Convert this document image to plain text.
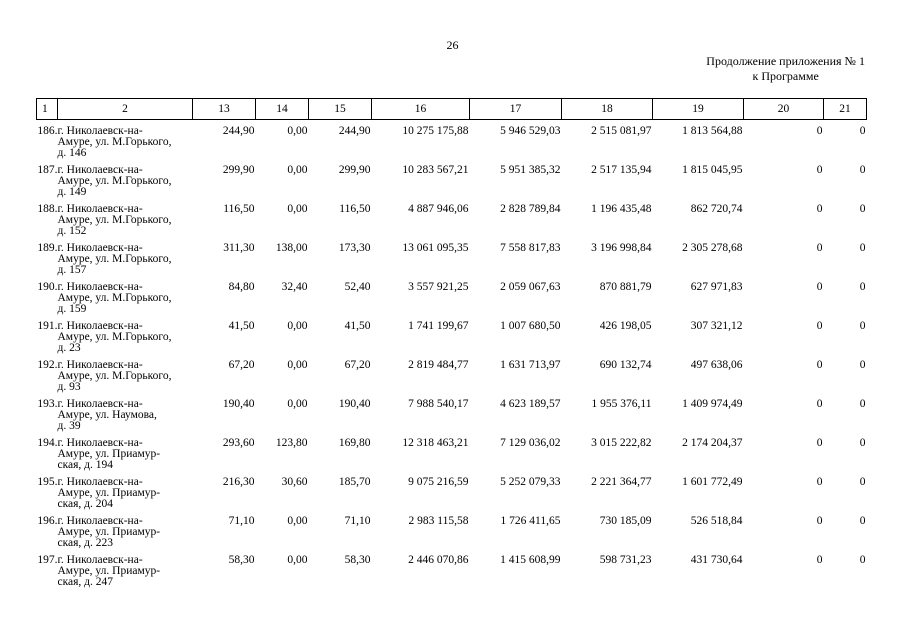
26
Продолжение приложения № 1
к Программе
1	2	13	14	15	16	17	18	19	20	21
186.	г. Николаевск-на-
Амуре, ул. М.Горького,
д. 146	244,90	0,00	244,90	10 275 175,88	5 946 529,03	2 515 081,97	1 813 564,88	0	0
187.	г. Николаевск-на-
Амуре, ул. М.Горького,
д. 149	299,90	0,00	299,90	10 283 567,21	5 951 385,32	2 517 135,94	1 815 045,95	0	0
188.	г. Николаевск-на-
Амуре, ул. М.Горького,
д. 152	116,50	0,00	116,50	4 887 946,06	2 828 789,84	1 196 435,48	862 720,74	0	0
189.	г. Николаевск-на-
Амуре, ул. М.Горького,
д. 157	311,30	138,00	173,30	13 061 095,35	7 558 817,83	3 196 998,84	2 305 278,68	0	0
190.	г. Николаевск-на-
Амуре, ул. М.Горького,
д. 159	84,80	32,40	52,40	3 557 921,25	2 059 067,63	870 881,79	627 971,83	0	0
191.	г. Николаевск-на-
Амуре, ул. М.Горького,
д. 23	41,50	0,00	41,50	1 741 199,67	1 007 680,50	426 198,05	307 321,12	0	0
192.	г. Николаевск-на-
Амуре, ул. М.Горького,
д. 93	67,20	0,00	67,20	2 819 484,77	1 631 713,97	690 132,74	497 638,06	0	0
193.	г. Николаевск-на-
Амуре, ул. Наумова,
д. 39	190,40	0,00	190,40	7 988 540,17	4 623 189,57	1 955 376,11	1 409 974,49	0	0
194.	г. Николаевск-на-
Амуре, ул. Приамур-
ская, д. 194	293,60	123,80	169,80	12 318 463,21	7 129 036,02	3 015 222,82	2 174 204,37	0	0
195.	г. Николаевск-на-
Амуре, ул. Приамур-
ская, д. 204	216,30	30,60	185,70	9 075 216,59	5 252 079,33	2 221 364,77	1 601 772,49	0	0
196.	г. Николаевск-на-
Амуре, ул. Приамур-
ская, д. 223	71,10	0,00	71,10	2 983 115,58	1 726 411,65	730 185,09	526 518,84	0	0
197.	г. Николаевск-на-
Амуре, ул. Приамур-
ская, д. 247	58,30	0,00	58,30	2 446 070,86	1 415 608,99	598 731,23	431 730,64	0	0
